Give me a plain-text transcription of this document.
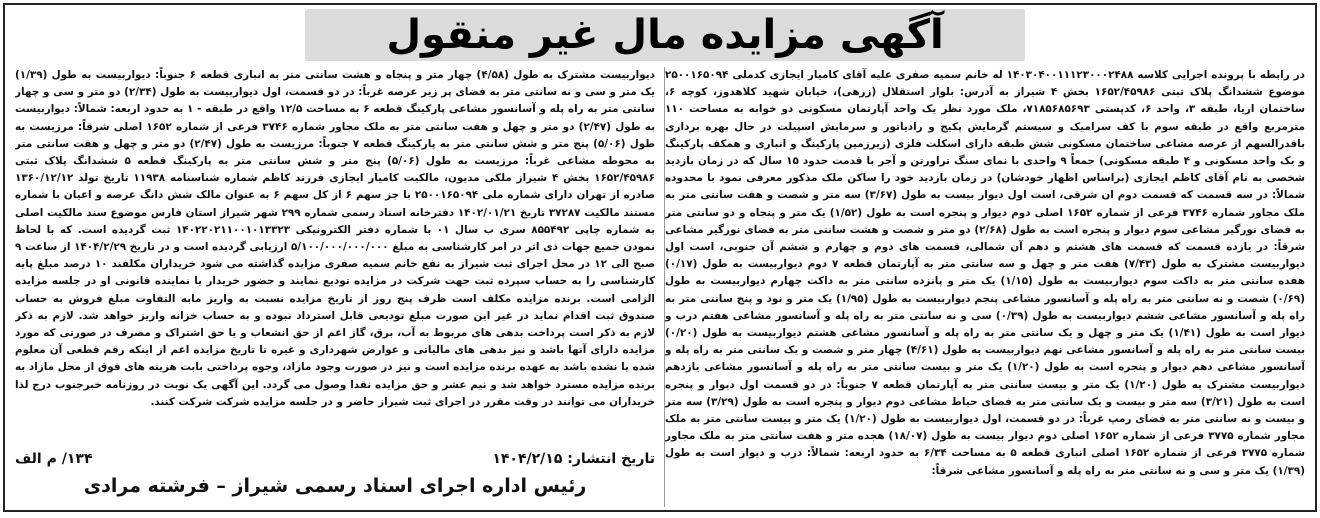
آگهی مزایده مال غیر منقول
در رابطه با پرونده اجرایی کلاسه ۱۴۰۳۰۴۰۰۱۱۱۲۳۰۰۰۲۴۸۸ له خانم سمیه صفری علیه آقای کامیار ایجازی کدملی ۲۵۰۰۱۶۵۰۹۴ موضوع ششدانگ پلاک ثبتی ۱۶۵۲/۴۵۹۸۶ بخش ۴ شیراز به آدرس: بلوار استقلال (زرهی)، خیابان شهید کلاهدوز، کوچه ۶، ساختمان اریا، طبقه ۳، واحد ۶، کدپستی ۷۱۸۵۶۸۵۶۹۳، ملک مورد نظر یک واحد آپارتمان مسکونی دو خوابه به مساحت ۱۱۰ مترمربع واقع در طبقه سوم با کف سرامیک و سیستم گرمایش پکیج و رادیاتور و سرمایش اسپیلت در حال بهره برداری باقدرالسهم از عرصه مشاعی ساختمان مسکونی شش طبقه دارای اسکلت فلزی (زیرزمین پارکینگ و انباری و همکف پارکینگ و یک واحد مسکونی و ۴ طبقه مسکونی) جمعاً ۹ واحدی با نمای سنگ تراورتن و آجر با قدمت حدود ۱۵ سال که در زمان بازدید شخصی به نام آقای کاظم ایجازی (براساس اظهار خودشان) در زمان بازدید خود را ساکن ملک مذکور معرفی نمود با محدوده شمالاً: در سه قسمت که قسمت دوم ان شرقی، است اول دیوار بیست به طول (۳/۶۷) سه متر و شصت و هفت سانتی متر به ملک مجاور شماره ۳۷۴۶ فرعی از شماره ۱۶۵۲ اصلی دوم دیوار و پنجره است به طول (۱/۵۲) یک متر و پنجاه و دو سانتی متر به فضای نورگیر مشاعی سوم دیوار و پنجره است به طول (۲/۶۸) دو متر و شصت و هشت سانتی متر به فضای نورگیر مشاعی شرقاً: در یازده قسمت که قسمت های هشتم و دهم آن شمالی، قسمت های دوم و چهارم و ششم آن جنوبی، است اول دیواربیست مشترک به طول (۷/۴۳) هفت متر و چهل و سه سانتی متر به آپارتمان قطعه ۷ دوم دیواربیست به طول (۰/۱۷) هفده سانتی متر به داکت سوم دیواربیست به طول (۱/۱۵) یک متر و پانزده سانتی متر به داکت چهارم دیواربیست به طول (۰/۶۹) شصت و نه سانتی متر به راه پله و آسانسور مشاعی پنجم دیواربیست به طول (۱/۹۵) یک متر و نود و پنج سانتی متر به راه پله و آسانسور مشاعی ششم دیواربیست به طول (۰/۳۹) سی و نه سانتی متر به راه پله و آسانسور مشاعی هفتم درب و دیوار است به طول (۱/۴۱) یک متر و چهل و یک سانتی متر به راه پله و آسانسور مشاعی هشتم دیواربیست به طول (۰/۲۰) بیست سانتی متر به راه پله و آسانسور مشاعی نهم دیواربیست به طول (۴/۶۱) چهار متر و شصت و یک سانتی متر به راه پله و آسانسور مشاعی دهم دیوار و پنجره است به طول (۱/۲۰) یک متر و بیست سانتی متر به راه پله و آسانسور مشاعی یازدهم دیواربیست مشترک به طول (۱/۲۰) یک متر و بیست سانتی متر به آپارتمان قطعه ۷ جنوباً: در دو قسمت اول دیوار و پنجره است به طول (۳/۲۱) سه متر و بیست و یک سانتی متر به فضای حیاط مشاعی دوم دیوار و پنجره است به طول (۳/۲۹) سه متر و بیست و نه سانتی متر به فضای رمپ غرباً: در دو قسمت، اول دیواربیست به طول (۱/۲۰) یک متر و بیست سانتی متر به ملک مجاور شماره ۳۷۷۵ فرعی از شماره ۱۶۵۲ اصلی دوم دیوار بیست به طول (۱۸/۰۷) هجده متر و هفت سانتی متر به ملک مجاور شماره ۳۷۷۵ فرعی از شماره ۱۶۵۲ اصلی انباری قطعه ۵ به مساحت ۶/۳۴ به حدود اربعه: شمالاً: درب و دیوار است به طول (۱/۳۹) یک متر و سی و نه سانتی متر به راه پله و آسانسور مشاعی شرقاً:
دیواربیست مشترک به طول (۴/۵۸) چهار متر و پنجاه و هشت سانتی متر به انباری قطعه ۶ جنوباً: دیواربیست به طول (۱/۳۹) یک متر و سی و نه سانتی متر به فضای پر زیر عرصه غرباً: در دو قسمت، اول دیواربیست به طول (۲/۳۴) دو متر و سی و چهار سانتی متر به راه پله و آسانسور مشاعی پارکینگ قطعه ۶ به مساحت ۱۲/۵ واقع در طبقه - ۱ به حدود اربعه: شمالاً: دیواربیست به طول (۲/۴۷) دو متر و چهل و هفت سانتی متر به ملک مجاور شماره ۳۷۴۶ فرعی از شماره ۱۶۵۲ اصلی شرقاً: مرزیست به طول (۵/۰۶) پنج متر و شش سانتی متر به پارکینگ قطعه ۷ جنوباً: مرزیست به طول (۲/۴۷) دو متر و چهل و هفت سانتی متر به محوطه مشاعی غرباً: مرزیست به طول (۵/۰۶) پنج متر و شش سانتی متر به پارکینگ قطعه ۵ ششدانگ پلاک ثبتی ۱۶۵۲/۴۵۹۸۶ بخش ۴ شیراز ملکی مدیون، مالکیت کامیار ایجازی فرزند کاظم شماره شناسنامه ۱۱۹۳۸ تاریخ تولد ۱۳۶۰/۱۲/۱۲ صادره از تهران دارای شماره ملی ۲۵۰۰۱۶۵۰۹۴ با جز سهم ۶ از کل سهم ۶ به عنوان مالک شش دانگ عرصه و اعیان با شماره مستند مالکیت ۳۷۲۸۷ تاریخ ۱۴۰۲/۰۱/۲۱ دفترخانه اسناد رسمی شماره ۲۹۹ شهر شیراز استان فارس موضوع سند مالکیت اصلی به شماره چاپی ۸۵۵۴۹۲ سری ب سال ۰۱ با شماره دفتر الکترونیکی ۱۴۰۲۲۰۲۱۱۰۰۱۰۱۳۳۲۳ ثبت گردیده است. که با لحاظ نمودن جمیع جهات ذی اثر در امر کارشناسی به مبلغ ۵/۱۰۰/۰۰۰/۰۰۰/۰۰۰ ارزیابی گردیده است و در تاریخ ۱۴۰۴/۲/۲۹ از ساعت ۹ صبح الی ۱۲ در محل اجرای ثبت شیراز به نفع خانم سمیه صفری مزایده گذاشته می شود خریداران مکلفند ۱۰ درصد مبلغ پایه کارشناسی را به حساب سپرده ثبت جهت شرکت در مزایده تودیع نمایند و حضور خریدار یا نماینده قانونی او در جلسه مزایده الزامی است. برنده مزایده مکلف است ظرف پنج روز از تاریخ مزایده نسبت به واریز مابه التفاوت مبلغ فروش به حساب صندوق ثبت اقدام نماید در غیر این صورت مبلغ تودیعی قابل استرداد نبوده و به حساب خزانه واریز خواهد شد. لازم به ذکر لازم به ذکر است پرداخت بدهی های مربوط به آب، برق، گاز اعم از حق انشعاب و یا حق اشتراک و مصرف در صورتی که مورد مزایده دارای آنها باشد و نیز بدهی های مالیاتی و عوارض شهرداری و غیره تا تاریخ مزایده اعم از اینکه رقم قطعی آن معلوم شده یا نشده باشد به عهده برنده مزایده است و نیز در صورت وجود مازاد، وجوه پرداختی بابت هزینه های فوق از محل مازاد به برنده مزایده مسترد خواهد شد و نیم عشر و حق مزایده نقدا وصول می گردد. این آگهی یک نوبت در روزنامه خبرجنوب درج لذا خریداران می توانند در وقت مقرر در اجرای ثبت شیراز حاضر و در جلسه مزایده شرکت شرکت کنند.
تاریخ انتشار: ۱۴۰۴/۲/۱۵
۱۳۴/ م الف
رئیس اداره اجرای اسناد رسمی شیراز – فرشته مرادی
